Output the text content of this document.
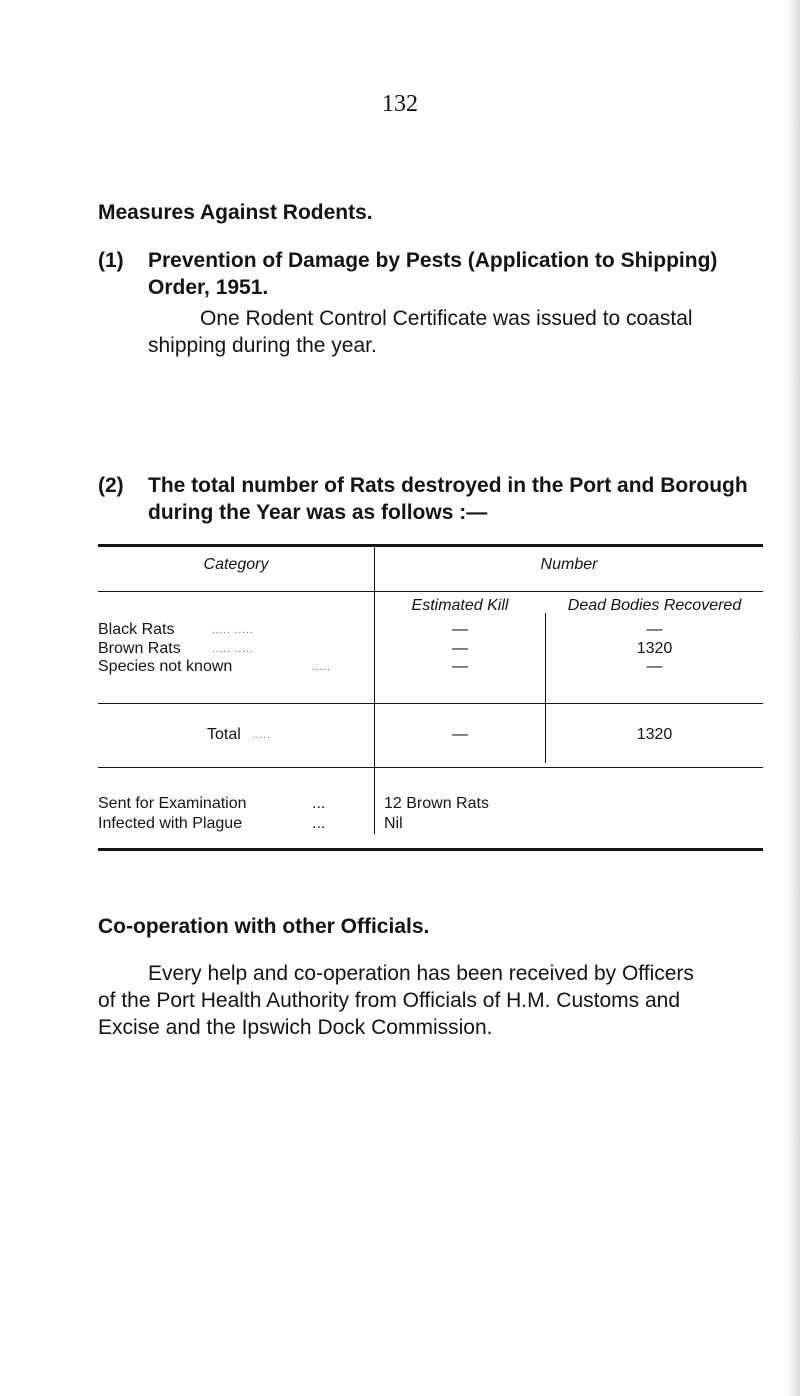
132
Measures Against Rodents.
(1) Prevention of Damage by Pests (Application to Shipping)
Order, 1951.
One Rodent Control Certificate was issued to coastal
shipping during the year.
(2) The total number of Rats destroyed in the Port and Borough
during the Year was as follows :—
Category	Number
Estimated Kill	Dead Bodies Recovered
Black Rats	..... .....	—	—
Brown Rats	..... .....	—	1320
Species not known	.....	—	—
Total .....	—	1320
Sent for Examination	...	12 Brown Rats
Infected with Plague	...	Nil
Co-operation with other Officials.
Every help and co-operation has been received by Officers
of the Port Health Authority from Officials of H.M. Customs and
Excise and the Ipswich Dock Commission.
